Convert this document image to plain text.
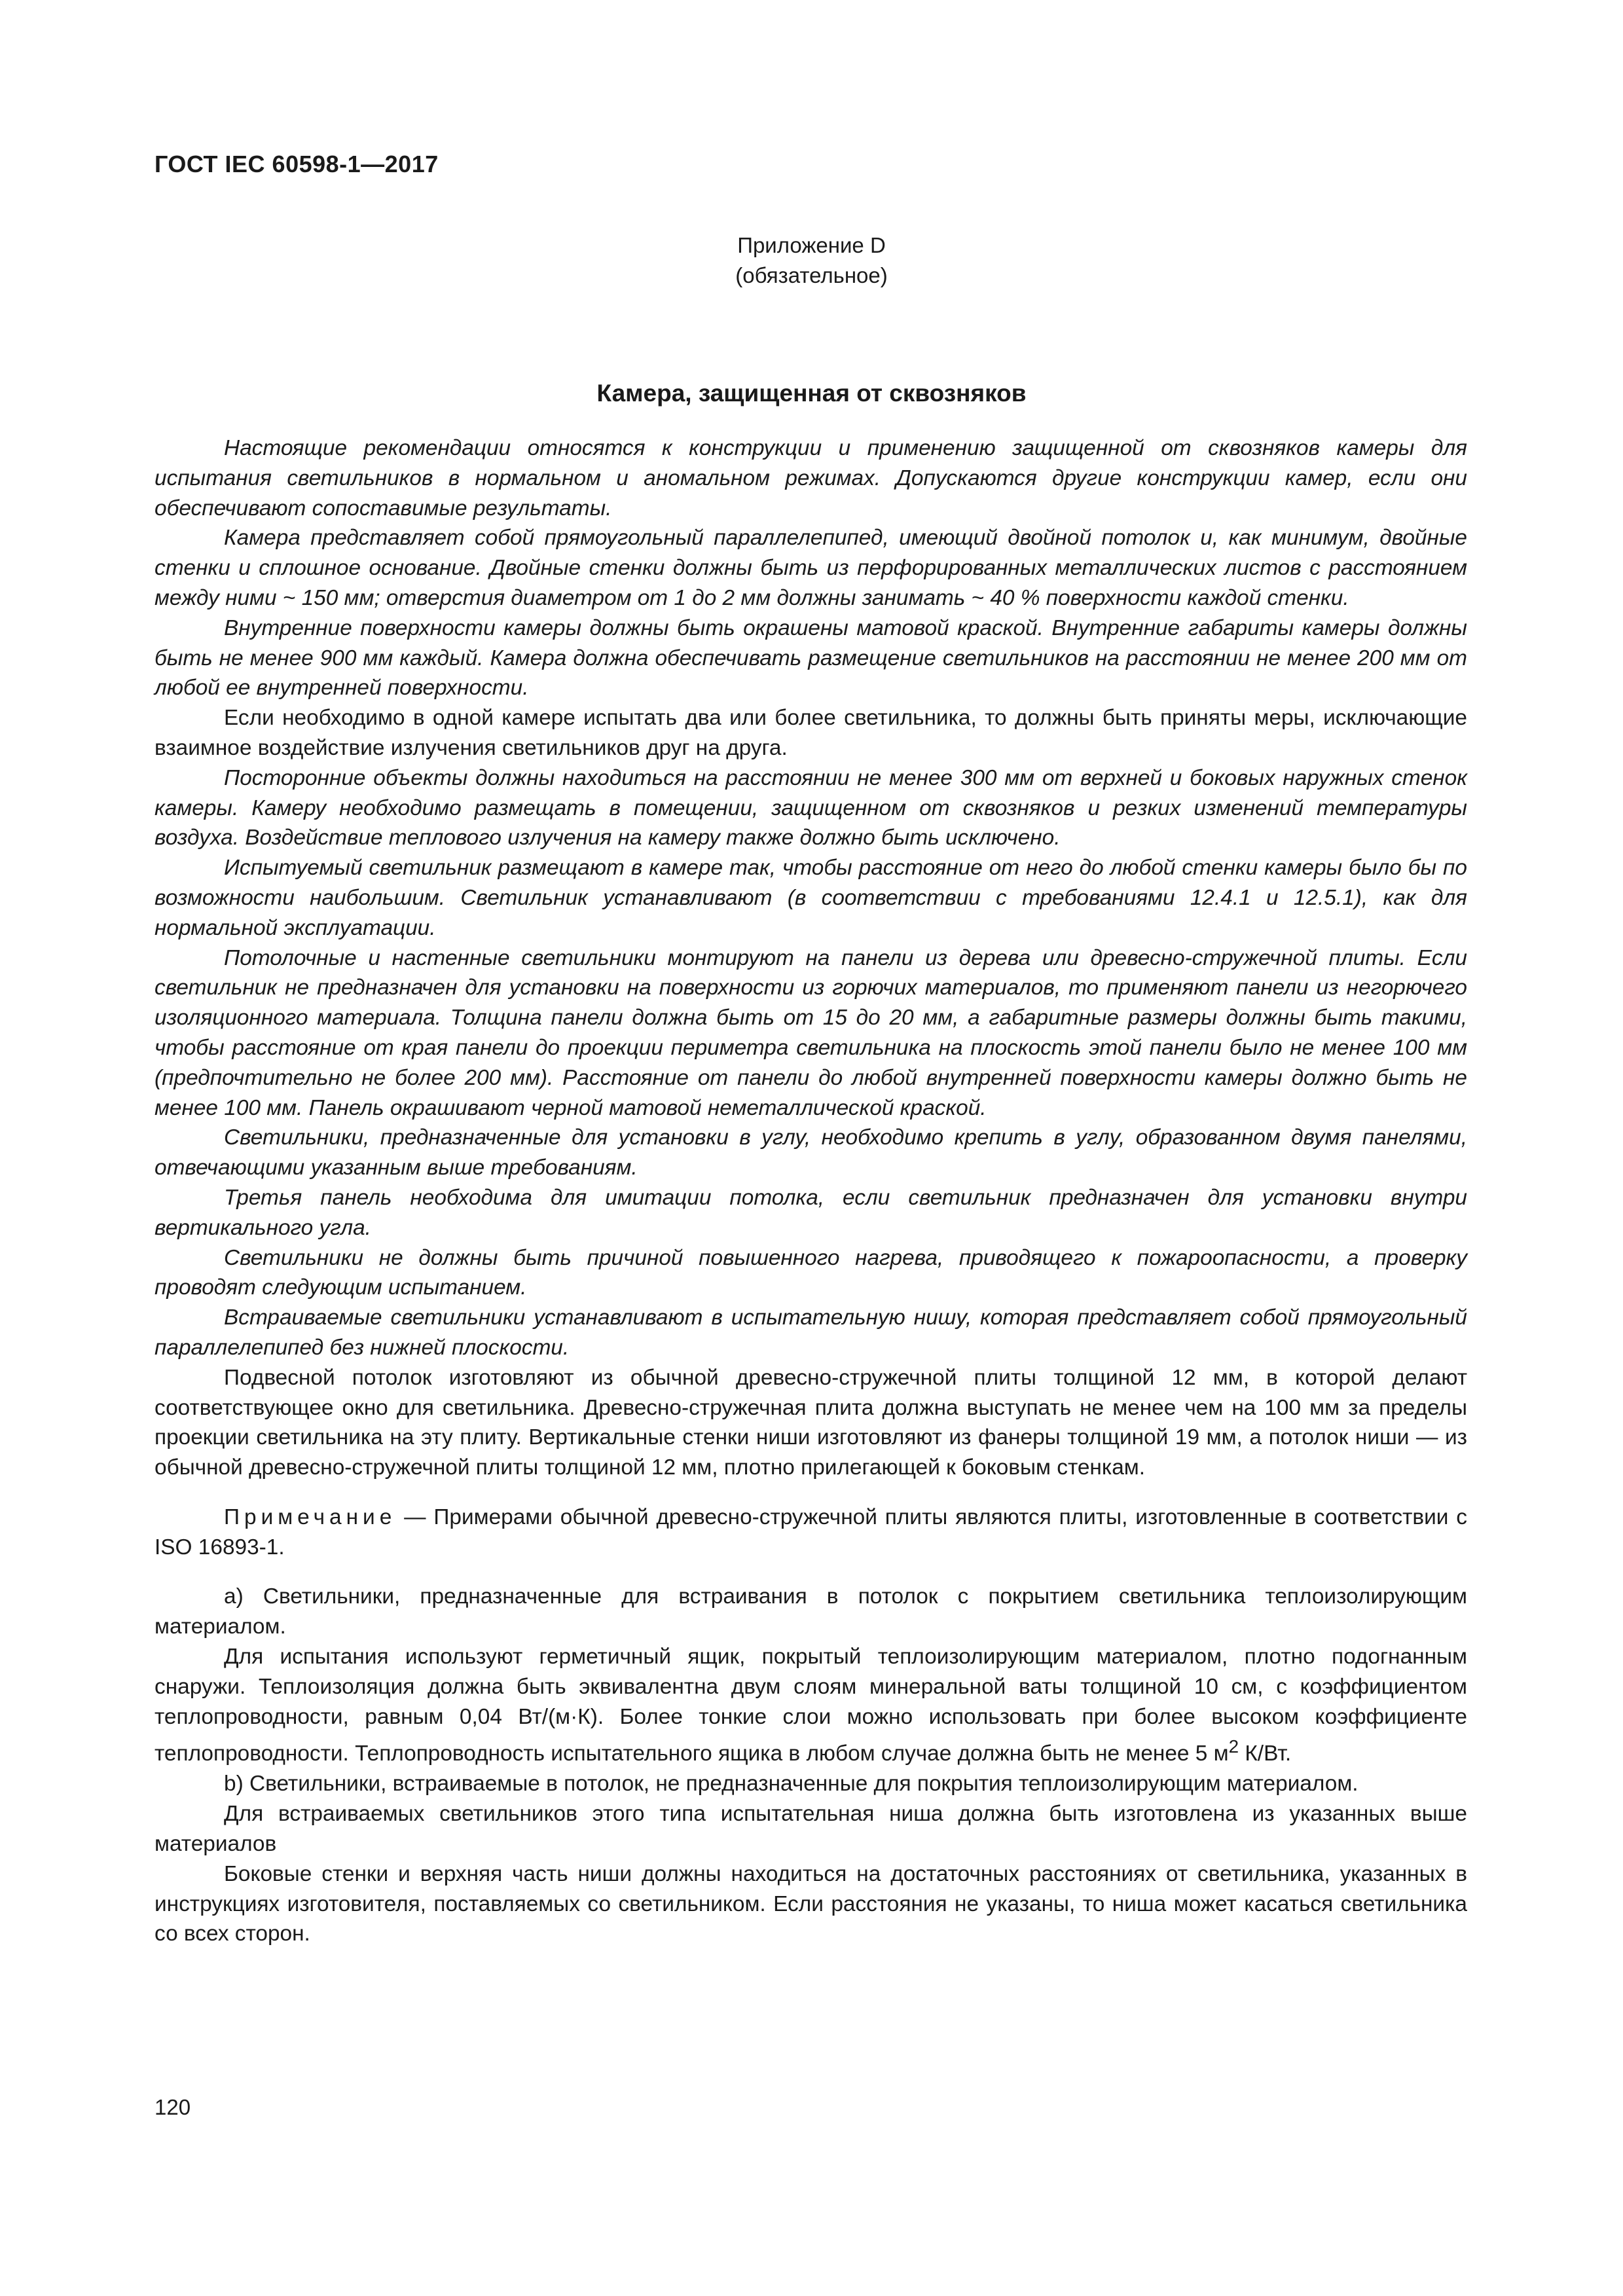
ГОСТ IEC 60598-1—2017
Приложение D
(обязательное)
Камера, защищенная от сквозняков

Настоящие рекомендации относятся к конструкции и применению защищенной от сквозняков камеры для испытания светильников в нормальном и аномальном режимах. Допускаются другие конструкции камер, если они обеспечивают сопоставимые результаты.

Камера представляет собой прямоугольный параллелепипед, имеющий двойной потолок и, как минимум, двойные стенки и сплошное основание. Двойные стенки должны быть из перфорированных металлических листов с расстоянием между ними ~ 150 мм; отверстия диаметром от 1 до 2 мм должны занимать ~ 40 % поверхности каждой стенки.

Внутренние поверхности камеры должны быть окрашены матовой краской. Внутренние габариты камеры должны быть не менее 900 мм каждый. Камера должна обеспечивать размещение светильников на расстоянии не менее 200 мм от любой ее внутренней поверхности.

Если необходимо в одной камере испытать два или более светильника, то должны быть приняты меры, исключающие взаимное воздействие излучения светильников друг на друга.

Посторонние объекты должны находиться на расстоянии не менее 300 мм от верхней и боковых наружных стенок камеры. Камеру необходимо размещать в помещении, защищенном от сквозняков и резких изменений температуры воздуха. Воздействие теплового излучения на камеру также должно быть исключено.

Испытуемый светильник размещают в камере так, чтобы расстояние от него до любой стенки камеры было бы по возможности наибольшим. Светильник устанавливают (в соответствии с требованиями 12.4.1 и 12.5.1), как для нормальной эксплуатации.

Потолочные и настенные светильники монтируют на панели из дерева или древесно-стружечной плиты. Если светильник не предназначен для установки на поверхности из горючих материалов, то применяют панели из негорючего изоляционного материала. Толщина панели должна быть от 15 до 20 мм, а габаритные размеры должны быть такими, чтобы расстояние от края панели до проекции периметра светильника на плоскость этой панели было не менее 100 мм (предпочтительно не более 200 мм). Расстояние от панели до любой внутренней поверхности камеры должно быть не менее 100 мм. Панель окрашивают черной матовой неметаллической краской.

Светильники, предназначенные для установки в углу, необходимо крепить в углу, образованном двумя панелями, отвечающими указанным выше требованиям.

Третья панель необходима для имитации потолка, если светильник предназначен для установки внутри вертикального угла.

Светильники не должны быть причиной повышенного нагрева, приводящего к пожароопасности, а проверку проводят следующим испытанием.

Встраиваемые светильники устанавливают в испытательную нишу, которая представляет собой прямоугольный параллелепипед без нижней плоскости.

Подвесной потолок изготовляют из обычной древесно-стружечной плиты толщиной 12 мм, в которой делают соответствующее окно для светильника. Древесно-стружечная плита должна выступать не менее чем на 100 мм за пределы проекции светильника на эту плиту. Вертикальные стенки ниши изготовляют из фанеры толщиной 19 мм, а потолок ниши — из обычной древесно-стружечной плиты толщиной 12 мм, плотно прилегающей к боковым стенкам.

Примечание — Примерами обычной древесно-стружечной плиты являются плиты, изготовленные в соответствии с ISO 16893-1.

а) Светильники, предназначенные для встраивания в потолок с покрытием светильника теплоизолирующим материалом.

Для испытания используют герметичный ящик, покрытый теплоизолирующим материалом, плотно подогнанным снаружи. Теплоизоляция должна быть эквивалентна двум слоям минеральной ваты толщиной 10 см, с коэффициентом теплопроводности, равным 0,04 Вт/(м·К). Более тонкие слои можно использовать при более высоком коэффициенте теплопроводности. Теплопроводность испытательного ящика в любом случае должна быть не менее 5 $м^2$ К/Вт.

b) Светильники, встраиваемые в потолок, не предназначенные для покрытия теплоизолирующим материалом.

Для встраиваемых светильников этого типа испытательная ниша должна быть изготовлена из указанных выше материалов

Боковые стенки и верхняя часть ниши должны находиться на достаточных расстояниях от светильника, указанных в инструкциях изготовителя, поставляемых со светильником. Если расстояния не указаны, то ниша может касаться светильника со всех сторон.

120
